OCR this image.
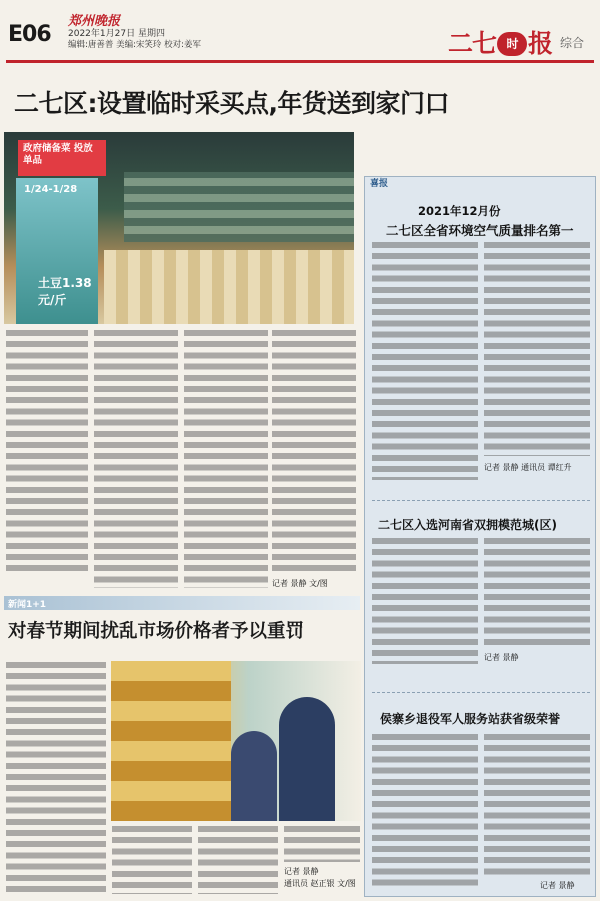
E06
郑州晚报
2022年1月27日 星期四
编辑:唐善普 美编:宋笑玲 校对:姜军	二七 时 报 综合
二七区:设置临时采买点,年货送到家门口
政府储备菜 投放单品
1/24-1/28
土豆1.38元/斤
记者 景静 文/图
喜报
2021年12月份
二七区全省环境空气质量排名第一
记者 景静 通讯员 谭红升
二七区入选河南省双拥模范城(区)
记者 景静
侯寨乡退役军人服务站获省级荣誉
记者 景静
新闻1+1
对春节期间扰乱市场价格者予以重罚
记者 景静
通讯员 赵正银 文/图
